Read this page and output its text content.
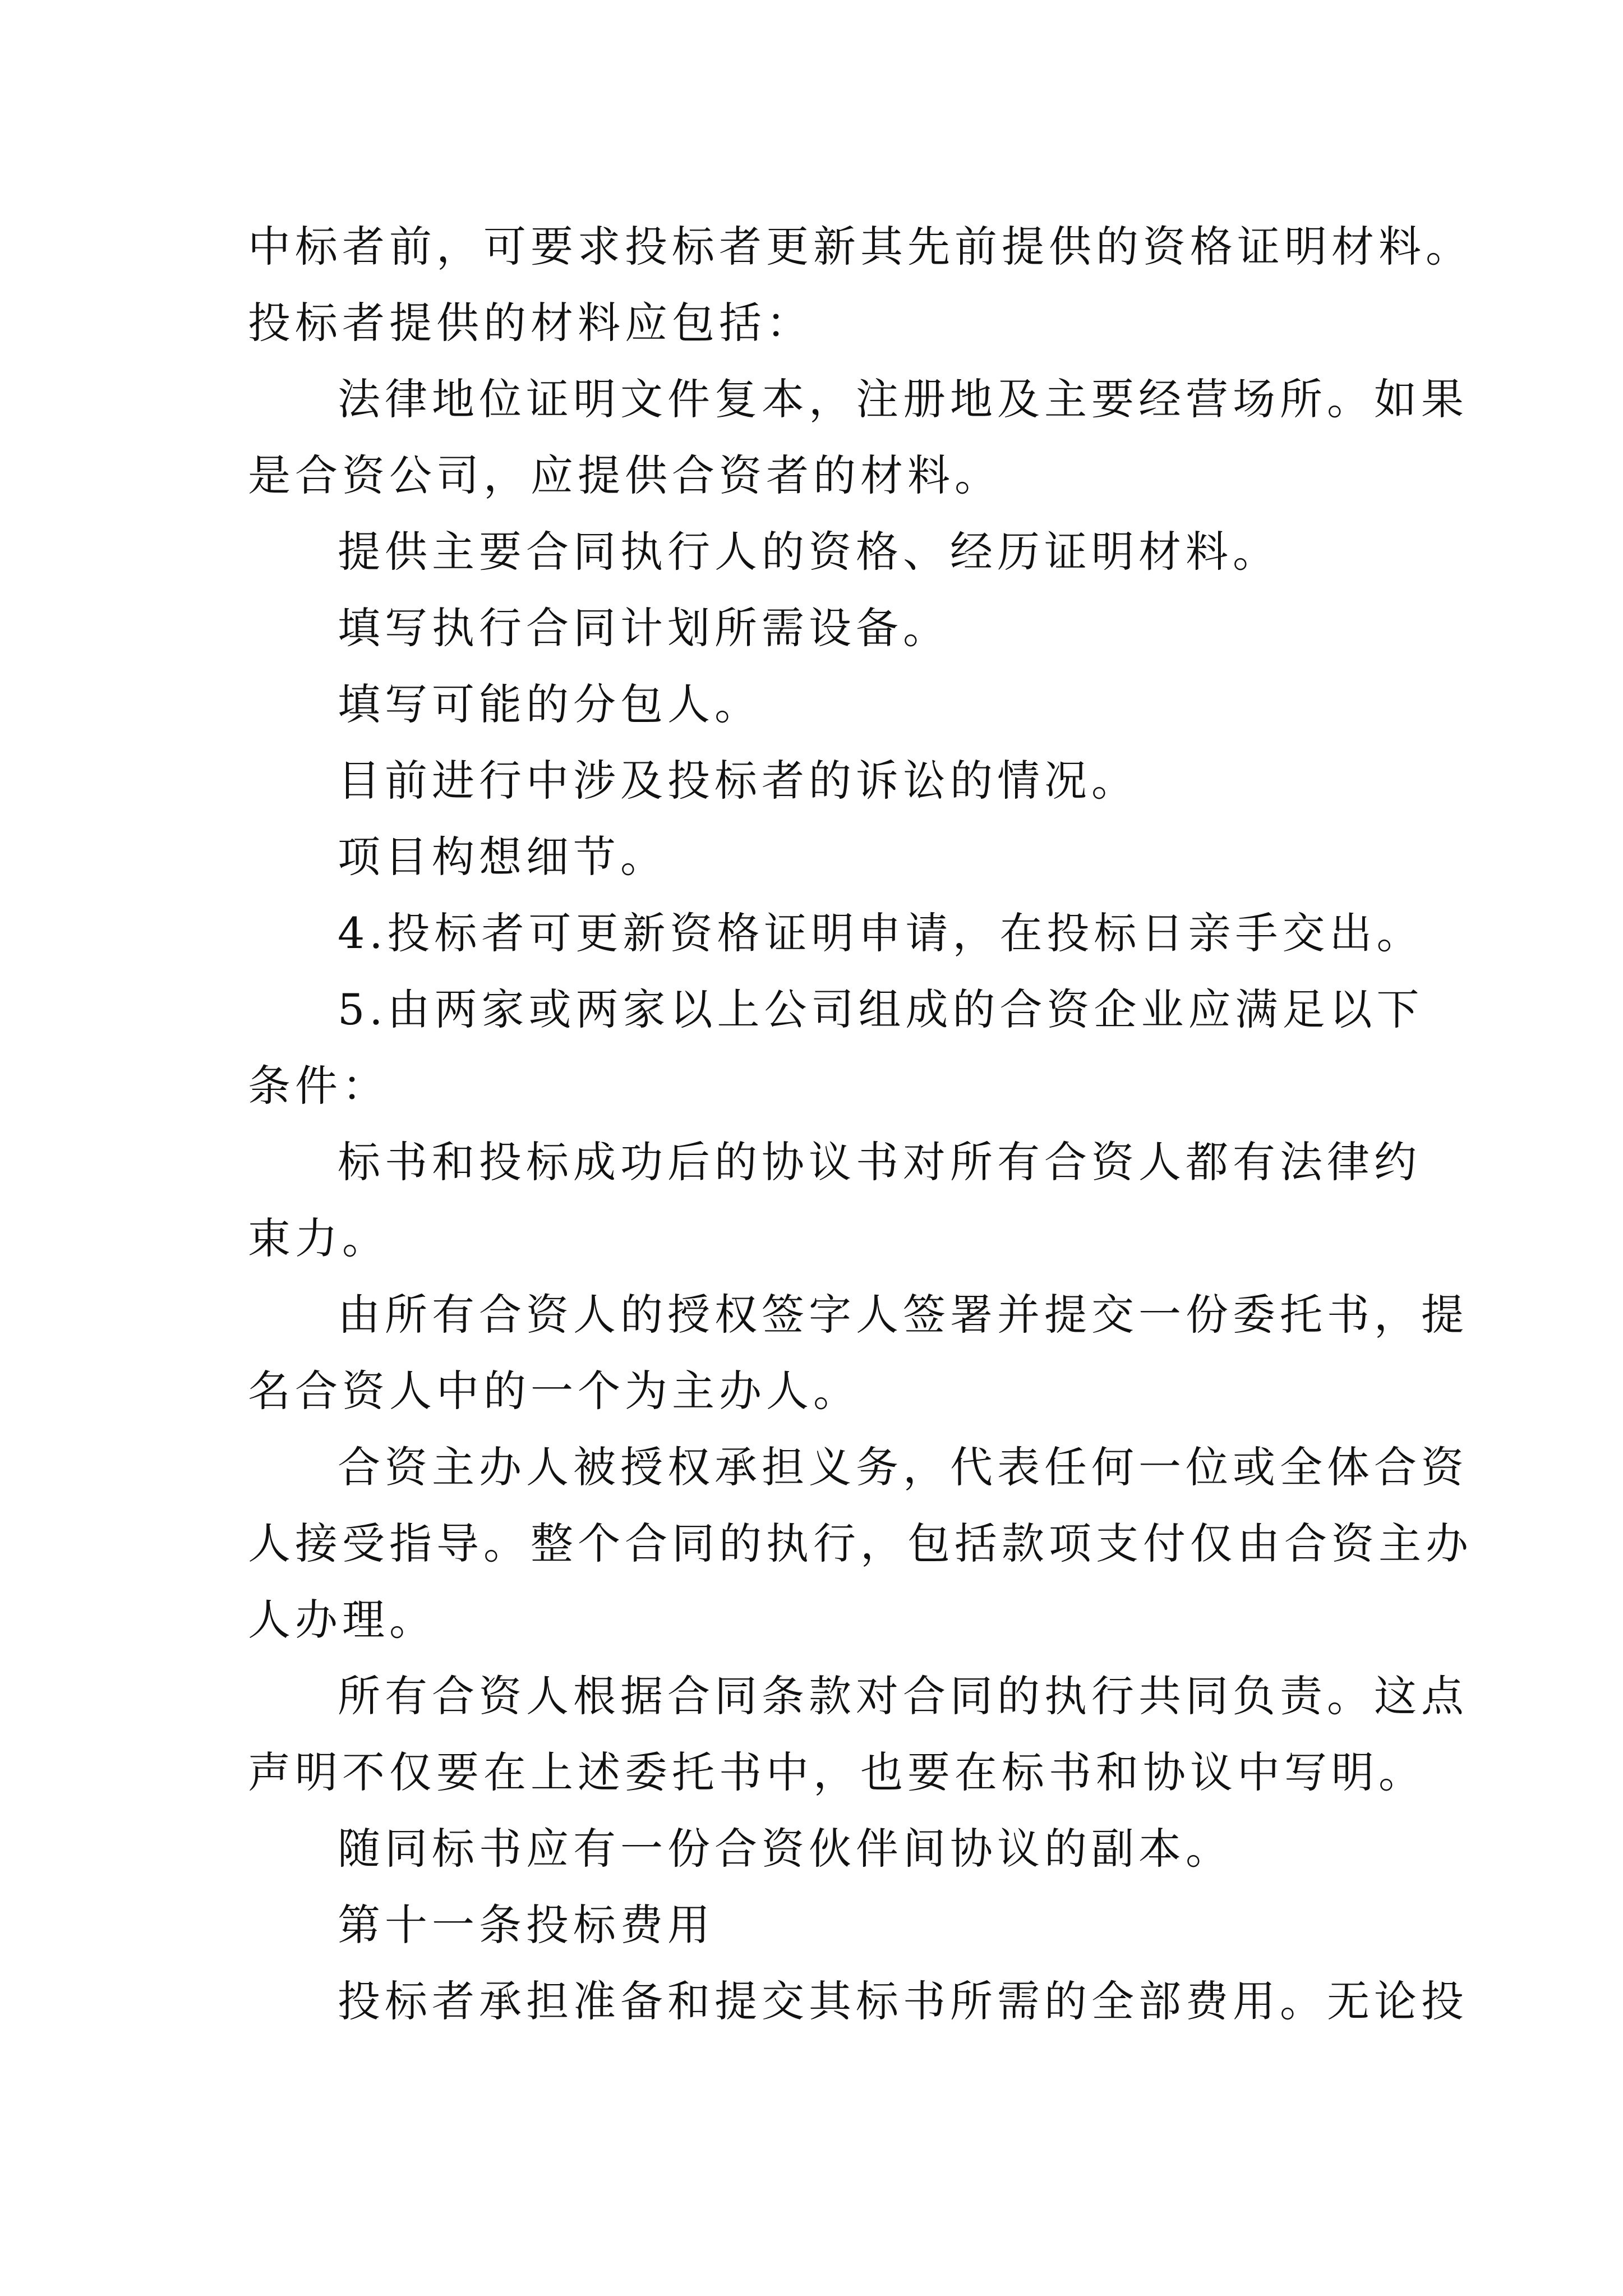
中标者前，可要求投标者更新其先前提供的资格证明材料。
投标者提供的材料应包括：
法律地位证明文件复本，注册地及主要经营场所。如果
是合资公司，应提供合资者的材料。
提供主要合同执行人的资格、经历证明材料。
填写执行合同计划所需设备。
填写可能的分包人。
目前进行中涉及投标者的诉讼的情况。
项目构想细节。
4.投标者可更新资格证明申请，在投标日亲手交出。
5.由两家或两家以上公司组成的合资企业应满足以下
条件：
标书和投标成功后的协议书对所有合资人都有法律约
束力。
由所有合资人的授权签字人签署并提交一份委托书，提
名合资人中的一个为主办人。
合资主办人被授权承担义务，代表任何一位或全体合资
人接受指导。整个合同的执行，包括款项支付仅由合资主办
人办理。
所有合资人根据合同条款对合同的执行共同负责。这点
声明不仅要在上述委托书中，也要在标书和协议中写明。
随同标书应有一份合资伙伴间协议的副本。
第十一条投标费用
投标者承担准备和提交其标书所需的全部费用。无论投
